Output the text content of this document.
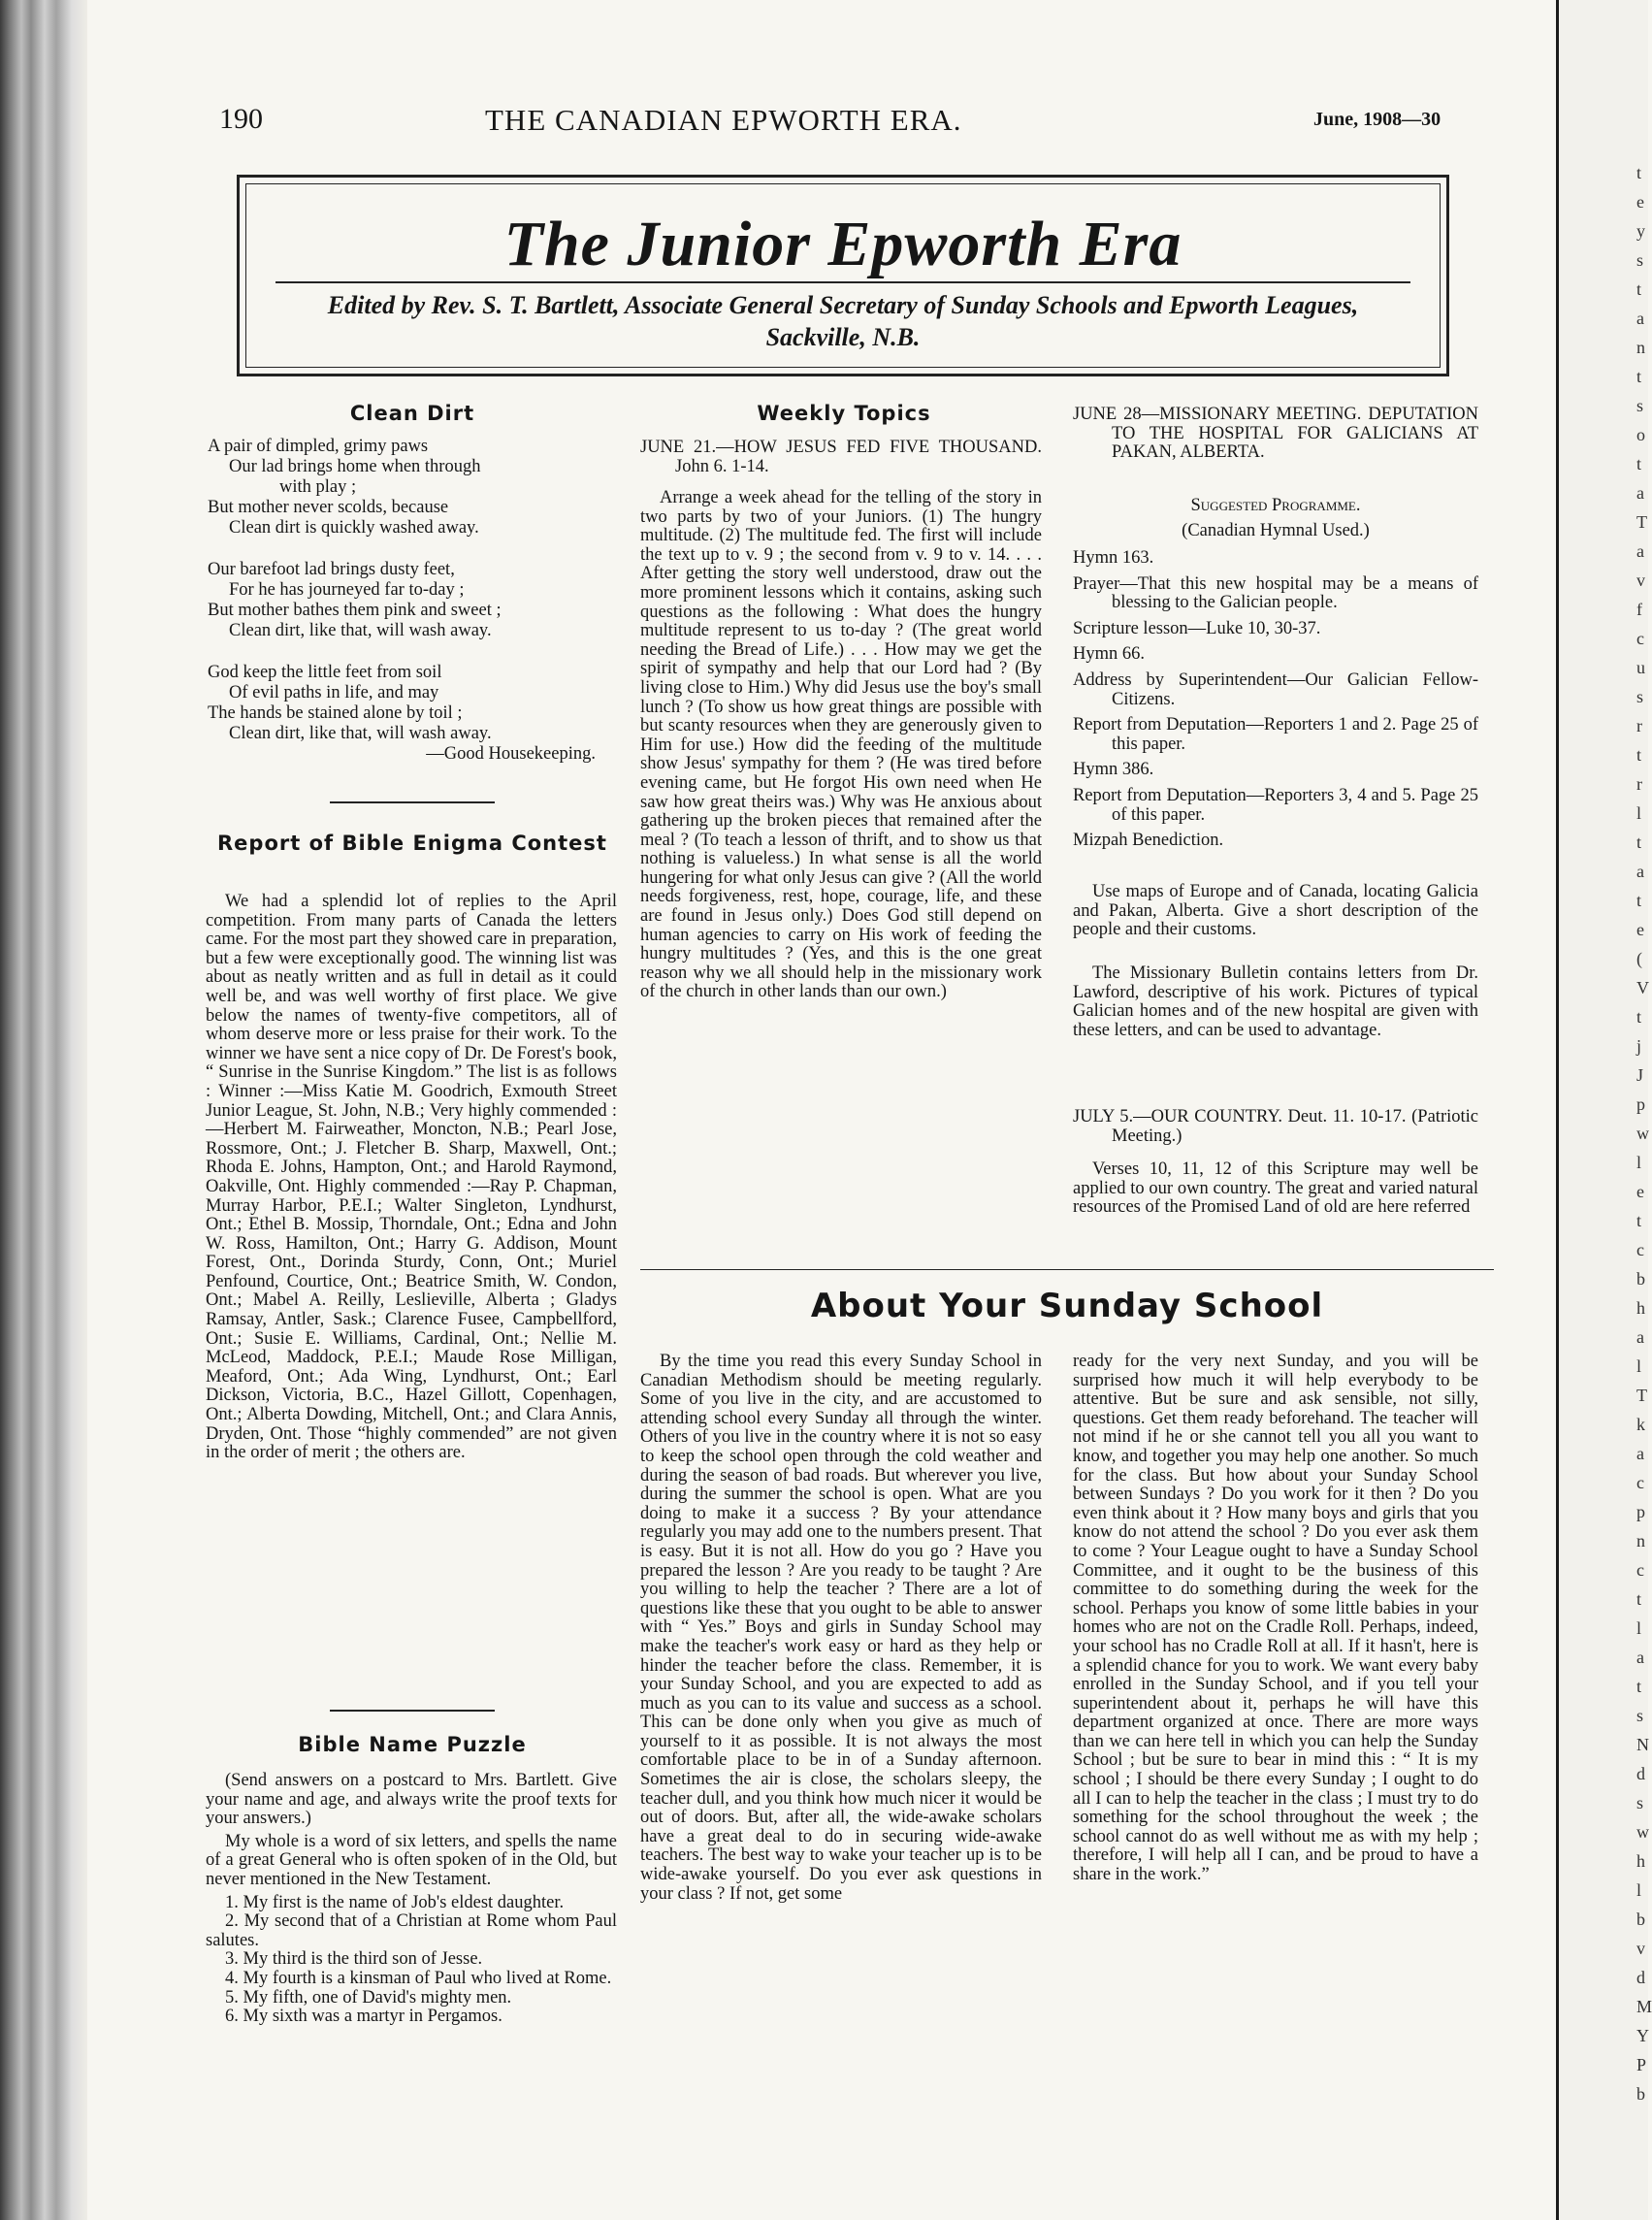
t
e
y
s
t
a
n
t
s
o
t
a
T
a
v
f
c
u
s
r
t
r
l
t
a
t
e
(
V
t
j
J
p
w
l
e
t
c
b
h
a
l
T
k
a
c
p
n
c
t
l
a
t
s
N
d
s
w
h
l
b
v
d
M
Y
P
b
190	THE CANADIAN EPWORTH ERA.	June, 1908—30
The Junior Epworth Era
Edited by Rev. S. T. Bartlett, Associate General Secretary of Sunday Schools and Epworth Leagues, Sackville, N.B.
Clean Dirt
A pair of dimpled, grimy paws
Our lad brings home when through
with play ;
But mother never scolds, because
Clean dirt is quickly washed away.
Our barefoot lad brings dusty feet,
For he has journeyed far to-day ;
But mother bathes them pink and sweet ;
Clean dirt, like that, will wash away.
God keep the little feet from soil
Of evil paths in life, and may
The hands be stained alone by toil ;
Clean dirt, like that, will wash away.
—Good Housekeeping.
Report of Bible Enigma Contest

We had a splendid lot of replies to the April competition. From many parts of Canada the letters came. For the most part they showed care in preparation, but a few were exceptionally good. The winning list was about as neatly written and as full in detail as it could well be, and was well worthy of first place. We give below the names of twenty-five competitors, all of whom deserve more or less praise for their work. To the winner we have sent a nice copy of Dr. De Forest's book, “ Sunrise in the Sunrise Kingdom.” The list is as follows : Winner :—Miss Katie M. Goodrich, Exmouth Street Junior League, St. John, N.B.; Very highly commended :—Herbert M. Fairweather, Moncton, N.B.; Pearl Jose, Rossmore, Ont.; J. Fletcher B. Sharp, Maxwell, Ont.; Rhoda E. Johns, Hampton, Ont.; and Harold Raymond, Oakville, Ont. Highly commended :—Ray P. Chapman, Murray Harbor, P.E.I.; Walter Singleton, Lyndhurst, Ont.; Ethel B. Mossip, Thorndale, Ont.; Edna and John W. Ross, Hamilton, Ont.; Harry G. Addison, Mount Forest, Ont., Dorinda Sturdy, Conn, Ont.; Muriel Penfound, Courtice, Ont.; Beatrice Smith, W. Condon, Ont.; Mabel A. Reilly, Leslieville, Alberta ; Gladys Ramsay, Antler, Sask.; Clarence Fusee, Campbellford, Ont.; Susie E. Williams, Cardinal, Ont.; Nellie M. McLeod, Maddock, P.E.I.; Maude Rose Milligan, Meaford, Ont.; Ada Wing, Lyndhurst, Ont.; Earl Dickson, Victoria, B.C., Hazel Gillott, Copenhagen, Ont.; Alberta Dowding, Mitchell, Ont.; and Clara Annis, Dryden, Ont. Those “highly commended” are not given in the order of merit ; the others are.

Bible Name Puzzle

(Send answers on a postcard to Mrs. Bartlett. Give your name and age, and always write the proof texts for your answers.)

My whole is a word of six letters, and spells the name of a great General who is often spoken of in the Old, but never mentioned in the New Testament.

1. My first is the name of Job's eldest daughter.

2. My second that of a Christian at Rome whom Paul salutes.

3. My third is the third son of Jesse.

4. My fourth is a kinsman of Paul who lived at Rome.

5. My fifth, one of David's mighty men.

6. My sixth was a martyr in Pergamos.

Weekly Topics

JUNE 21.—HOW JESUS FED FIVE THOUSAND. John 6. 1-14.

Arrange a week ahead for the telling of the story in two parts by two of your Juniors. (1) The hungry multitude. (2) The multitude fed. The first will include the text up to v. 9 ; the second from v. 9 to v. 14. . . . After getting the story well understood, draw out the more prominent lessons which it contains, asking such questions as the following : What does the hungry multitude represent to us to-day ? (The great world needing the Bread of Life.) . . . How may we get the spirit of sympathy and help that our Lord had ? (By living close to Him.) Why did Jesus use the boy's small lunch ? (To show us how great things are possible with but scanty resources when they are generously given to Him for use.) How did the feeding of the multitude show Jesus' sympathy for them ? (He was tired before evening came, but He forgot His own need when He saw how great theirs was.) Why was He anxious about gathering up the broken pieces that remained after the meal ? (To teach a lesson of thrift, and to show us that nothing is valueless.) In what sense is all the world hungering for what only Jesus can give ? (All the world needs forgiveness, rest, hope, courage, life, and these are found in Jesus only.) Does God still depend on human agencies to carry on His work of feeding the hungry multitudes ? (Yes, and this is the one great reason why we all should help in the missionary work of the church in other lands than our own.)

JUNE 28—MISSIONARY MEETING. DEPUTATION TO THE HOSPITAL FOR GALICIANS AT PAKAN, ALBERTA.

Suggested Programme.
(Canadian Hymnal Used.)

Hymn 163.

Prayer—That this new hospital may be a means of blessing to the Galician people.

Scripture lesson—Luke 10, 30-37.

Hymn 66.

Address by Superintendent—Our Galician Fellow-Citizens.

Report from Deputation—Reporters 1 and 2. Page 25 of this paper.

Hymn 386.

Report from Deputation—Reporters 3, 4 and 5. Page 25 of this paper.

Mizpah Benediction.

Use maps of Europe and of Canada, locating Galicia and Pakan, Alberta. Give a short description of the people and their customs.

The Missionary Bulletin contains letters from Dr. Lawford, descriptive of his work. Pictures of typical Galician homes and of the new hospital are given with these letters, and can be used to advantage.

JULY 5.—OUR COUNTRY. Deut. 11. 10-17. (Patriotic Meeting.)

Verses 10, 11, 12 of this Scripture may well be applied to our own country. The great and varied natural resources of the Promised Land of old are here referred

About Your Sunday School

By the time you read this every Sunday School in Canadian Methodism should be meeting regularly. Some of you live in the city, and are accustomed to attending school every Sunday all through the winter. Others of you live in the country where it is not so easy to keep the school open through the cold weather and during the season of bad roads. But wherever you live, during the summer the school is open. What are you doing to make it a success ? By your attendance regularly you may add one to the numbers present. That is easy. But it is not all. How do you go ? Have you prepared the lesson ? Are you ready to be taught ? Are you willing to help the teacher ? There are a lot of questions like these that you ought to be able to answer with “ Yes.” Boys and girls in Sunday School may make the teacher's work easy or hard as they help or hinder the teacher before the class. Remember, it is your Sunday School, and you are expected to add as much as you can to its value and success as a school. This can be done only when you give as much of yourself to it as possible. It is not always the most comfortable place to be in of a Sunday afternoon. Sometimes the air is close, the scholars sleepy, the teacher dull, and you think how much nicer it would be out of doors. But, after all, the wide-awake scholars have a great deal to do in securing wide-awake teachers. The best way to wake your teacher up is to be wide-awake yourself. Do you ever ask questions in your class ? If not, get some

ready for the very next Sunday, and you will be surprised how much it will help everybody to be attentive. But be sure and ask sensible, not silly, questions. Get them ready beforehand. The teacher will not mind if he or she cannot tell you all you want to know, and together you may help one another. So much for the class. But how about your Sunday School between Sundays ? Do you work for it then ? Do you even think about it ? How many boys and girls that you know do not attend the school ? Do you ever ask them to come ? Your League ought to have a Sunday School Committee, and it ought to be the business of this committee to do something during the week for the school. Perhaps you know of some little babies in your homes who are not on the Cradle Roll. Perhaps, indeed, your school has no Cradle Roll at all. If it hasn't, here is a splendid chance for you to work. We want every baby enrolled in the Sunday School, and if you tell your superintendent about it, perhaps he will have this department organized at once. There are more ways than we can here tell in which you can help the Sunday School ; but be sure to bear in mind this : “ It is my school ; I should be there every Sunday ; I ought to do all I can to help the teacher in the class ; I must try to do something for the school throughout the week ; the school cannot do as well without me as with my help ; therefore, I will help all I can, and be proud to have a share in the work.”
